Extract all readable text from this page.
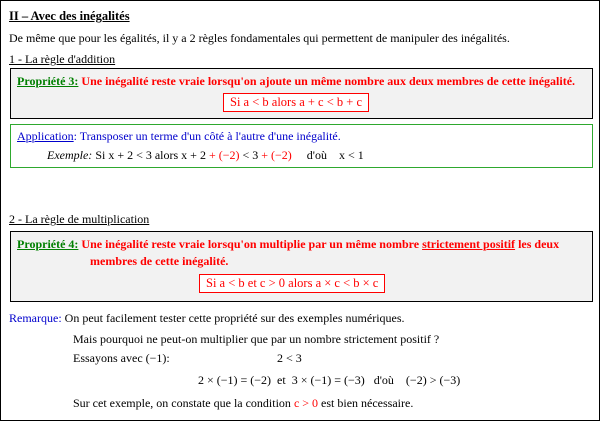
II – Avec des inégalités
De même que pour les égalités, il y a 2 règles fondamentales qui permettent de manipuler des inégalités.
1 - La règle d'addition
Propriété 3: Une inégalité reste vraie lorsqu'on ajoute un même nombre aux deux membres de cette inégalité.
Si a < b alors a + c < b + c
Application: Transposer un terme d'un côté à l'autre d'une inégalité.
Exemple: Si x + 2 < 3 alors x + 2 + (−2) < 3 + (−2)     d'où    x < 1
2 - La règle de multiplication
Propriété 4: Une inégalité reste vraie lorsqu'on multiplie par un même nombre strictement positif les deux
membres de cette inégalité.
Si a < b et c > 0 alors a × c < b × c
Remarque: On peut facilement tester cette propriété sur des exemples numériques.
Mais pourquoi ne peut-on multiplier que par un nombre strictement positif ?
Essayons avec (−1):	2 < 3
2 × (−1) = (−2)  et  3 × (−1) = (−3)   d'où    (−2) > (−3)
Sur cet exemple, on constate que la condition c > 0 est bien nécessaire.
